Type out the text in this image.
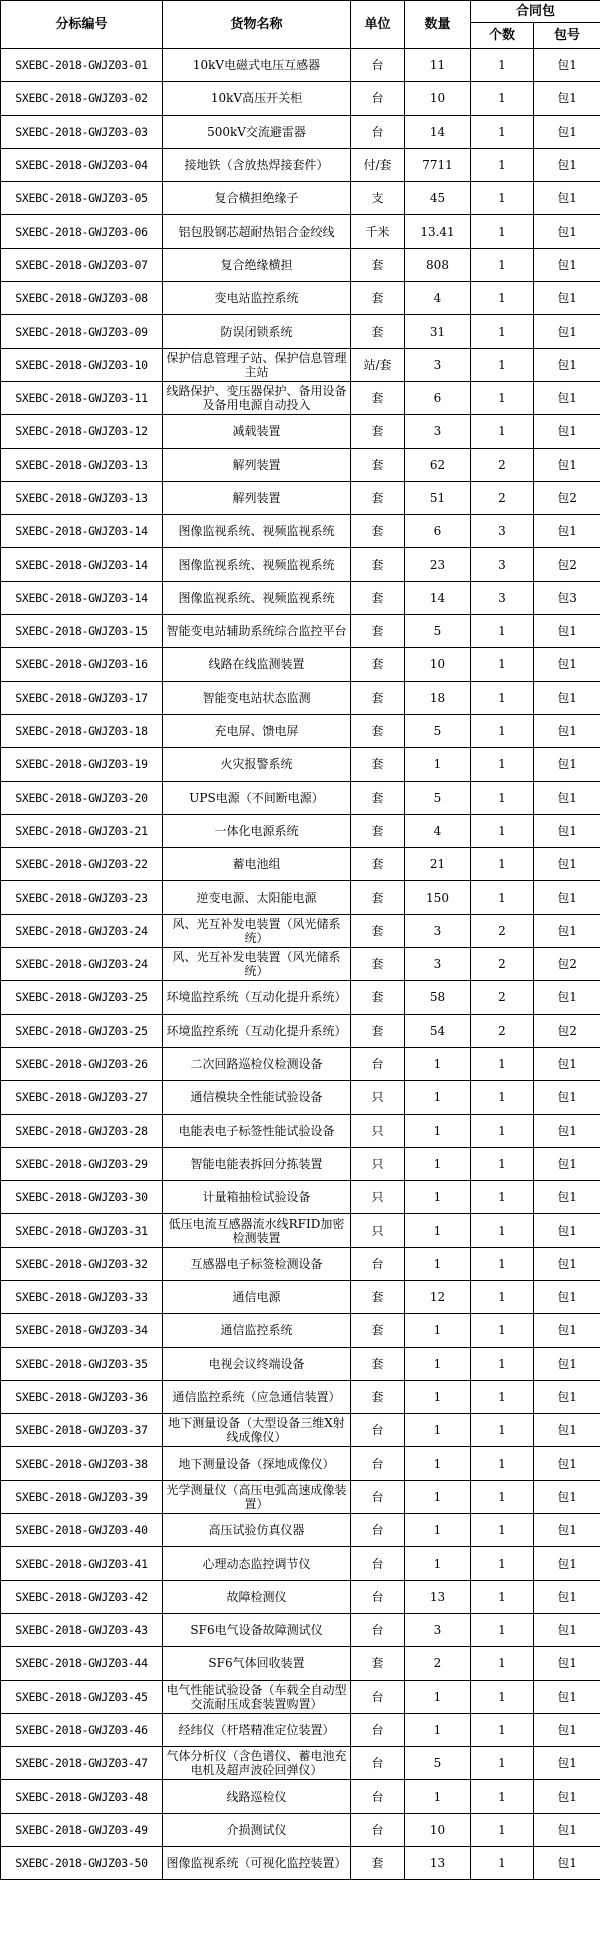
分标编号	货物名称	单位	数量	合同包	
				个数	包号
SXEBC-2018-GWJZ03-01	10kV电磁式电压互感器	台	11	1	包1
SXEBC-2018-GWJZ03-02	10kV高压开关柜	台	10	1	包1
SXEBC-2018-GWJZ03-03	500kV交流避雷器	台	14	1	包1
SXEBC-2018-GWJZ03-04	接地铁（含放热焊接套件）	付/套	7711	1	包1
SXEBC-2018-GWJZ03-05	复合横担绝缘子	支	45	1	包1
SXEBC-2018-GWJZ03-06	铝包股钢芯超耐热铝合金绞线	千米	13.41	1	包1
SXEBC-2018-GWJZ03-07	复合绝缘横担	套	808	1	包1
SXEBC-2018-GWJZ03-08	变电站监控系统	套	4	1	包1
SXEBC-2018-GWJZ03-09	防误闭锁系统	套	31	1	包1
SXEBC-2018-GWJZ03-10	保护信息管理子站、保护信息管理主站	站/套	3	1	包1
SXEBC-2018-GWJZ03-11	线路保护、变压器保护、备用设备及备用电源自动投入	套	6	1	包1
SXEBC-2018-GWJZ03-12	减载装置	套	3	1	包1
SXEBC-2018-GWJZ03-13	解列装置	套	62	2	包1
SXEBC-2018-GWJZ03-13	解列装置	套	51	2	包2
SXEBC-2018-GWJZ03-14	图像监视系统、视频监视系统	套	6	3	包1
SXEBC-2018-GWJZ03-14	图像监视系统、视频监视系统	套	23	3	包2
SXEBC-2018-GWJZ03-14	图像监视系统、视频监视系统	套	14	3	包3
SXEBC-2018-GWJZ03-15	智能变电站辅助系统综合监控平台	套	5	1	包1
SXEBC-2018-GWJZ03-16	线路在线监测装置	套	10	1	包1
SXEBC-2018-GWJZ03-17	智能变电站状态监测	套	18	1	包1
SXEBC-2018-GWJZ03-18	充电屏、馈电屏	套	5	1	包1
SXEBC-2018-GWJZ03-19	火灾报警系统	套	1	1	包1
SXEBC-2018-GWJZ03-20	UPS电源（不间断电源）	套	5	1	包1
SXEBC-2018-GWJZ03-21	一体化电源系统	套	4	1	包1
SXEBC-2018-GWJZ03-22	蓄电池组	套	21	1	包1
SXEBC-2018-GWJZ03-23	逆变电源、太阳能电源	套	150	1	包1
SXEBC-2018-GWJZ03-24	风、光互补发电装置（风光储系统）	套	3	2	包1
SXEBC-2018-GWJZ03-24	风、光互补发电装置（风光储系统）	套	3	2	包2
SXEBC-2018-GWJZ03-25	环境监控系统（互动化提升系统）	套	58	2	包1
SXEBC-2018-GWJZ03-25	环境监控系统（互动化提升系统）	套	54	2	包2
SXEBC-2018-GWJZ03-26	二次回路巡检仪检测设备	台	1	1	包1
SXEBC-2018-GWJZ03-27	通信模块全性能试验设备	只	1	1	包1
SXEBC-2018-GWJZ03-28	电能表电子标签性能试验设备	只	1	1	包1
SXEBC-2018-GWJZ03-29	智能电能表拆回分拣装置	只	1	1	包1
SXEBC-2018-GWJZ03-30	计量箱抽检试验设备	只	1	1	包1
SXEBC-2018-GWJZ03-31	低压电流互感器流水线RFID加密检测装置	只	1	1	包1
SXEBC-2018-GWJZ03-32	互感器电子标签检测设备	台	1	1	包1
SXEBC-2018-GWJZ03-33	通信电源	套	12	1	包1
SXEBC-2018-GWJZ03-34	通信监控系统	套	1	1	包1
SXEBC-2018-GWJZ03-35	电视会议终端设备	套	1	1	包1
SXEBC-2018-GWJZ03-36	通信监控系统（应急通信装置）	套	1	1	包1
SXEBC-2018-GWJZ03-37	地下测量设备（大型设备三维X射线成像仪）	台	1	1	包1
SXEBC-2018-GWJZ03-38	地下测量设备（探地成像仪）	台	1	1	包1
SXEBC-2018-GWJZ03-39	光学测量仪（高压电弧高速成像装置）	台	1	1	包1
SXEBC-2018-GWJZ03-40	高压试验仿真仪器	台	1	1	包1
SXEBC-2018-GWJZ03-41	心理动态监控调节仪	台	1	1	包1
SXEBC-2018-GWJZ03-42	故障检测仪	台	13	1	包1
SXEBC-2018-GWJZ03-43	SF6电气设备故障测试仪	台	3	1	包1
SXEBC-2018-GWJZ03-44	SF6气体回收装置	套	2	1	包1
SXEBC-2018-GWJZ03-45	电气性能试验设备（车载全自动型交流耐压成套装置购置）	台	1	1	包1
SXEBC-2018-GWJZ03-46	经纬仪（杆塔精准定位装置）	台	1	1	包1
SXEBC-2018-GWJZ03-47	气体分析仪（含色谱仪、蓄电池充电机及超声波砼回弹仪）	台	5	1	包1
SXEBC-2018-GWJZ03-48	线路巡检仪	台	1	1	包1
SXEBC-2018-GWJZ03-49	介损测试仪	台	10	1	包1
SXEBC-2018-GWJZ03-50	图像监视系统（可视化监控装置）	套	13	1	包1
